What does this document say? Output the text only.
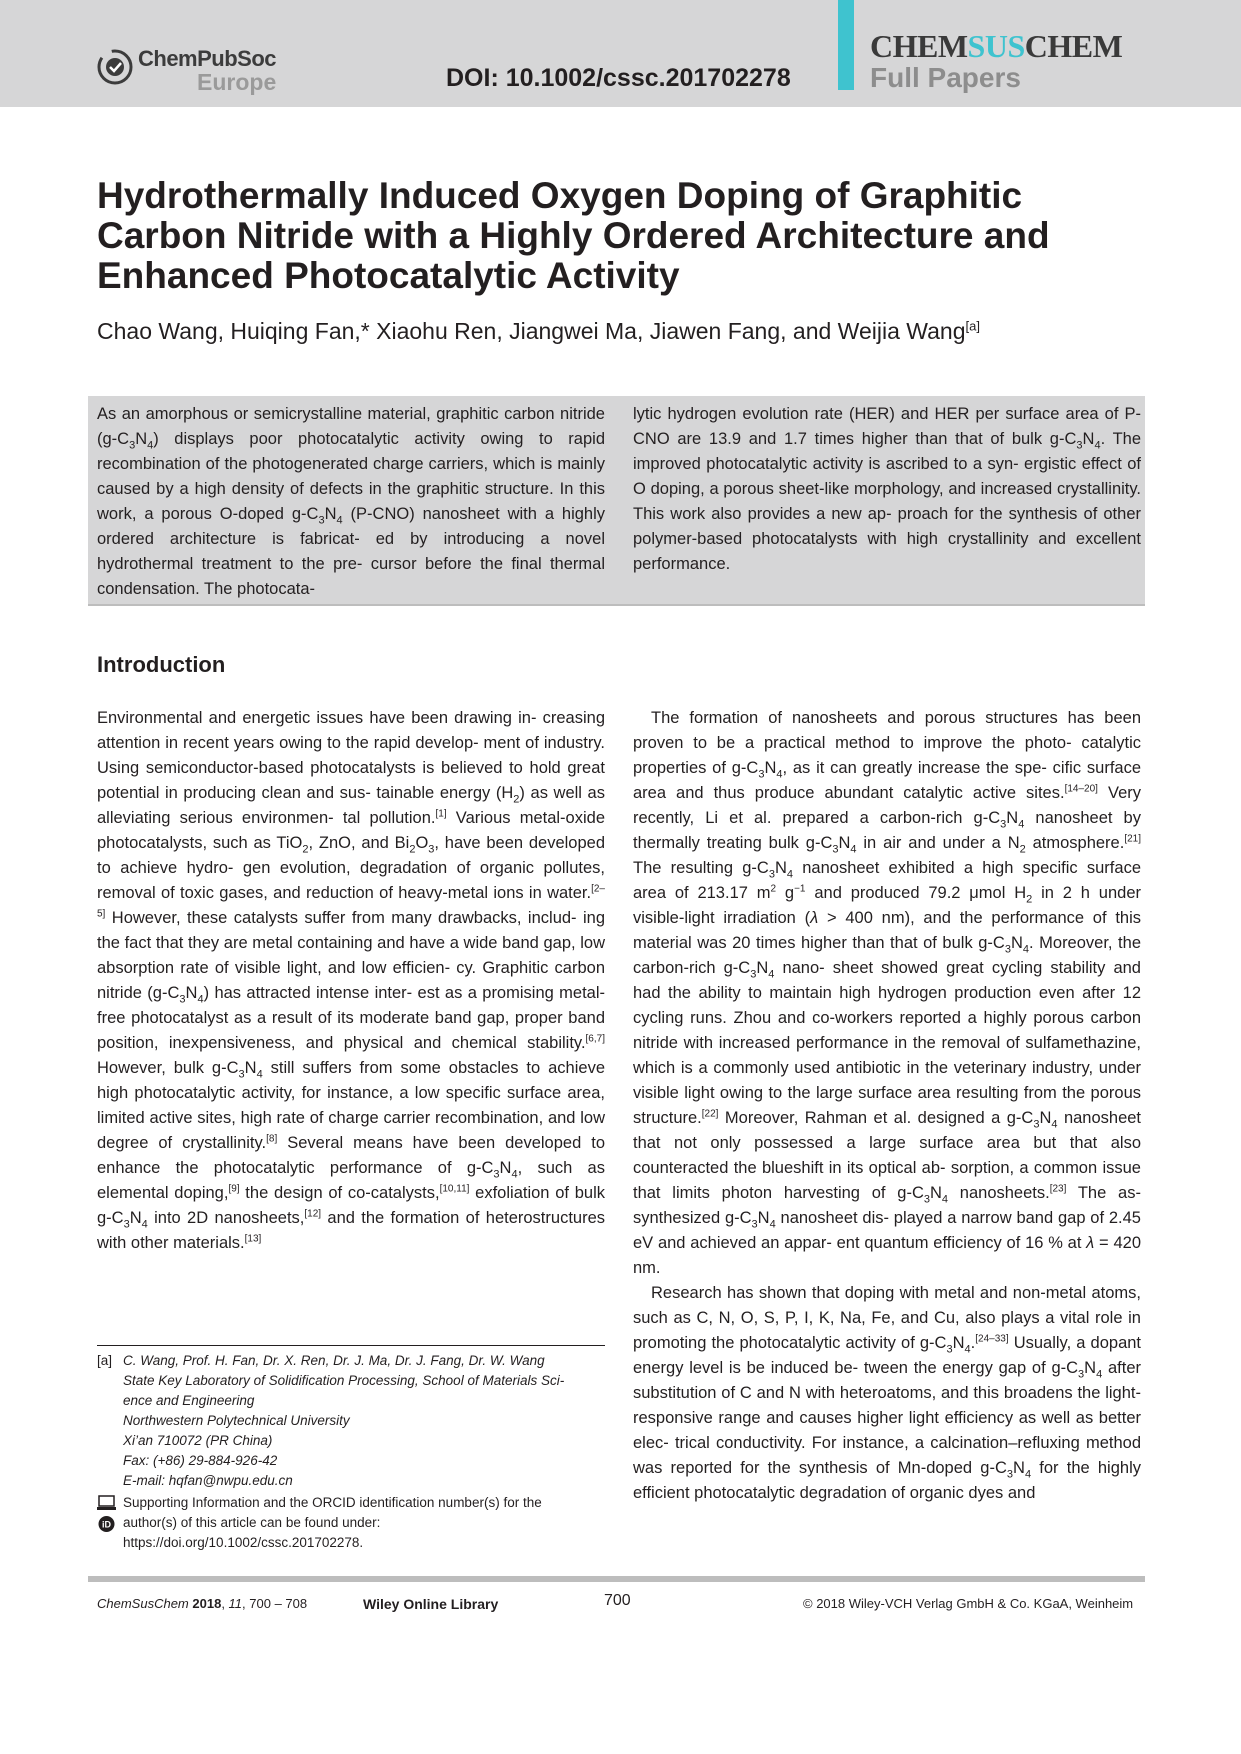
ChemPubSoc
Europe	DOI: 10.1002/cssc.201702278
CHEMSUSCHEM
Full Papers
Hydrothermally Induced Oxygen Doping of Graphitic Carbon Nitride with a Highly Ordered Architecture and Enhanced Photocatalytic Activity
Chao Wang, Huiqing Fan,* Xiaohu Ren, Jiangwei Ma, Jiawen Fang, and Weijia Wang[a]

As an amorphous or semicrystalline material, graphitic carbon nitride $(g-C_3N_4)$ displays poor photocatalytic activity owing to rapid recombination of the photogenerated charge carriers, which is mainly caused by a high density of defects in the graphitic structure. In this work, a porous O-doped $g-C_3N_4$ (P-CNO) nanosheet with a highly ordered architecture is fabricat- ed by introducing a novel hydrothermal treatment to the pre- cursor before the final thermal condensation. The photocata-

lytic hydrogen evolution rate (HER) and HER per surface area of P-CNO are 13.9 and 1.7 times higher than that of bulk $g-C_3N_4$. The improved photocatalytic activity is ascribed to a syn- ergistic effect of O doping, a porous sheet-like morphology, and increased crystallinity. This work also provides a new ap- proach for the synthesis of other polymer-based photocatalysts with high crystallinity and excellent performance.

Introduction
Environmental and energetic issues have been drawing in- creasing attention in recent years owing to the rapid develop- ment of industry. Using semiconductor-based photocatalysts is believed to hold great potential in producing clean and sus- tainable energy $(H_2)$ as well as alleviating serious environmen- tal pollution.[1] Various metal-oxide photocatalysts, such as TiO$_2$, ZnO, and $Bi_2O_3$, have been developed to achieve hydro- gen evolution, degradation of organic pollutes, removal of toxic gases, and reduction of heavy-metal ions in water.[2–5] However, these catalysts suffer from many drawbacks, includ- ing the fact that they are metal containing and have a wide band gap, low absorption rate of visible light, and low efficien- cy. Graphitic carbon nitride $(g-C_3N_4)$ has attracted intense inter- est as a promising metal-free photocatalyst as a result of its moderate band gap, proper band position, inexpensiveness, and physical and chemical stability.[6,7] However, bulk $g-C_3N_4$ still suffers from some obstacles to achieve high photocatalytic activity, for instance, a low specific surface area, limited active sites, high rate of charge carrier recombination, and low degree of crystallinity.[8] Several means have been developed to enhance the photocatalytic performance of $g-C_3N_4$, such as elemental doping,[9] the design of co-catalysts,[10,11] exfoliation of bulk $g-C_3N_4$ into 2D nanosheets,[12] and the formation of heterostructures with other materials.[13]

The formation of nanosheets and porous structures has been proven to be a practical method to improve the photo- catalytic properties of $g-C_3N_4$, as it can greatly increase the spe- cific surface area and thus produce abundant catalytic active sites.[14–20] Very recently, Li et al. prepared a carbon-rich $g-C_3N_4$ nanosheet by thermally treating bulk $g-C_3N_4$ in air and under a $N_2$ atmosphere.[21] The resulting $g-C_3N_4$ nanosheet exhibited a high specific surface area of 213.17 $m^2$ $g^{-1}$ and produced 79.2 μmol $H_2$ in 2 h under visible-light irradiation (λ > 400 nm), and the performance of this material was 20 times higher than that of bulk $g-C_3N_4$. Moreover, the carbon-rich $g-C_3N_4$ nano- sheet showed great cycling stability and had the ability to maintain high hydrogen production even after 12 cycling runs. Zhou and co-workers reported a highly porous carbon nitride with increased performance in the removal of sulfamethazine, which is a commonly used antibiotic in the veterinary industry, under visible light owing to the large surface area resulting from the porous structure.[22] Moreover, Rahman et al. designed a $g-C_3N_4$ nanosheet that not only possessed a large surface area but that also counteracted the blueshift in its optical ab- sorption, a common issue that limits photon harvesting of $g-C_3N_4$ nanosheets.[23] The as-synthesized $g-C_3N_4$ nanosheet dis- played a narrow band gap of 2.45 eV and achieved an appar- ent quantum efficiency of 16 % at λ = 420 nm.

Research has shown that doping with metal and non-metal atoms, such as C, N, O, S, P, I, K, Na, Fe, and Cu, also plays a vital role in promoting the photocatalytic activity of $g-C_3N_4.[24-33]$ Usually, a dopant energy level is be induced be- tween the energy gap of $g-C_3N_4$ after substitution of C and N with heteroatoms, and this broadens the light-responsive range and causes higher light efficiency as well as better elec- trical conductivity. For instance, a calcination–refluxing method was reported for the synthesis of Mn-doped $g-C_3N_4$ for the highly efficient photocatalytic degradation of organic dyes and

[a] C. Wang, Prof. H. Fan, Dr. X. Ren, Dr. J. Ma, Dr. J. Fang, Dr. W. Wang
State Key Laboratory of Solidification Processing, School of Materials Sci-
ence and Engineering
Northwestern Polytechnical University
Xi’an 710072 (PR China)
Fax: (+86) 29-884-926-42
E-mail: hqfan@nwpu.edu.cn
iD
Supporting Information and the ORCID identification number(s) for the
author(s) of this article can be found under:
https://doi.org/10.1002/cssc.201702278.
ChemSusChem 2018, 11, 700 – 708	Wiley Online Library	700	© 2018 Wiley-VCH Verlag GmbH & Co. KGaA, Weinheim
